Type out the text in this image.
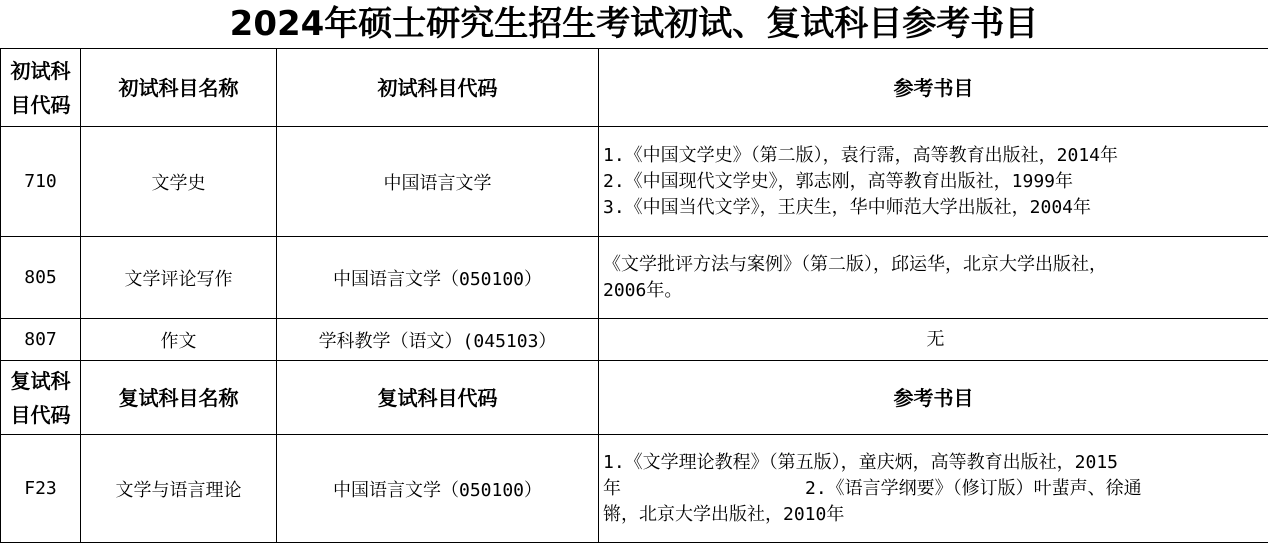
2024年硕士研究生招生考试初试、复试科目参考书目
初试科
目代码	初试科目名称	初试科目代码	参考书目
710	文学史	中国语言文学	1.《中国文学史》（第二版），袁行霈，高等教育出版社，2014年
2.《中国现代文学史》，郭志刚，高等教育出版社，1999年
3.《中国当代文学》，王庆生，华中师范大学出版社，2004年

805	文学评论写作	中国语言文学（050100）	《文学批评方法与案例》（第二版），邱运华，北京大学出版社，
2006年。

807	作文	学科教学（语文）(045103）	无

复试科
目代码	复试科目名称	复试科目代码	参考书目
F23	文学与语言理论	中国语言文学（050100）	1.《文学理论教程》（第五版），童庆炳，高等教育出版社，2015
年 2.《语言学纲要》（修订版）叶蜚声、徐通
锵，北京大学出版社，2010年
